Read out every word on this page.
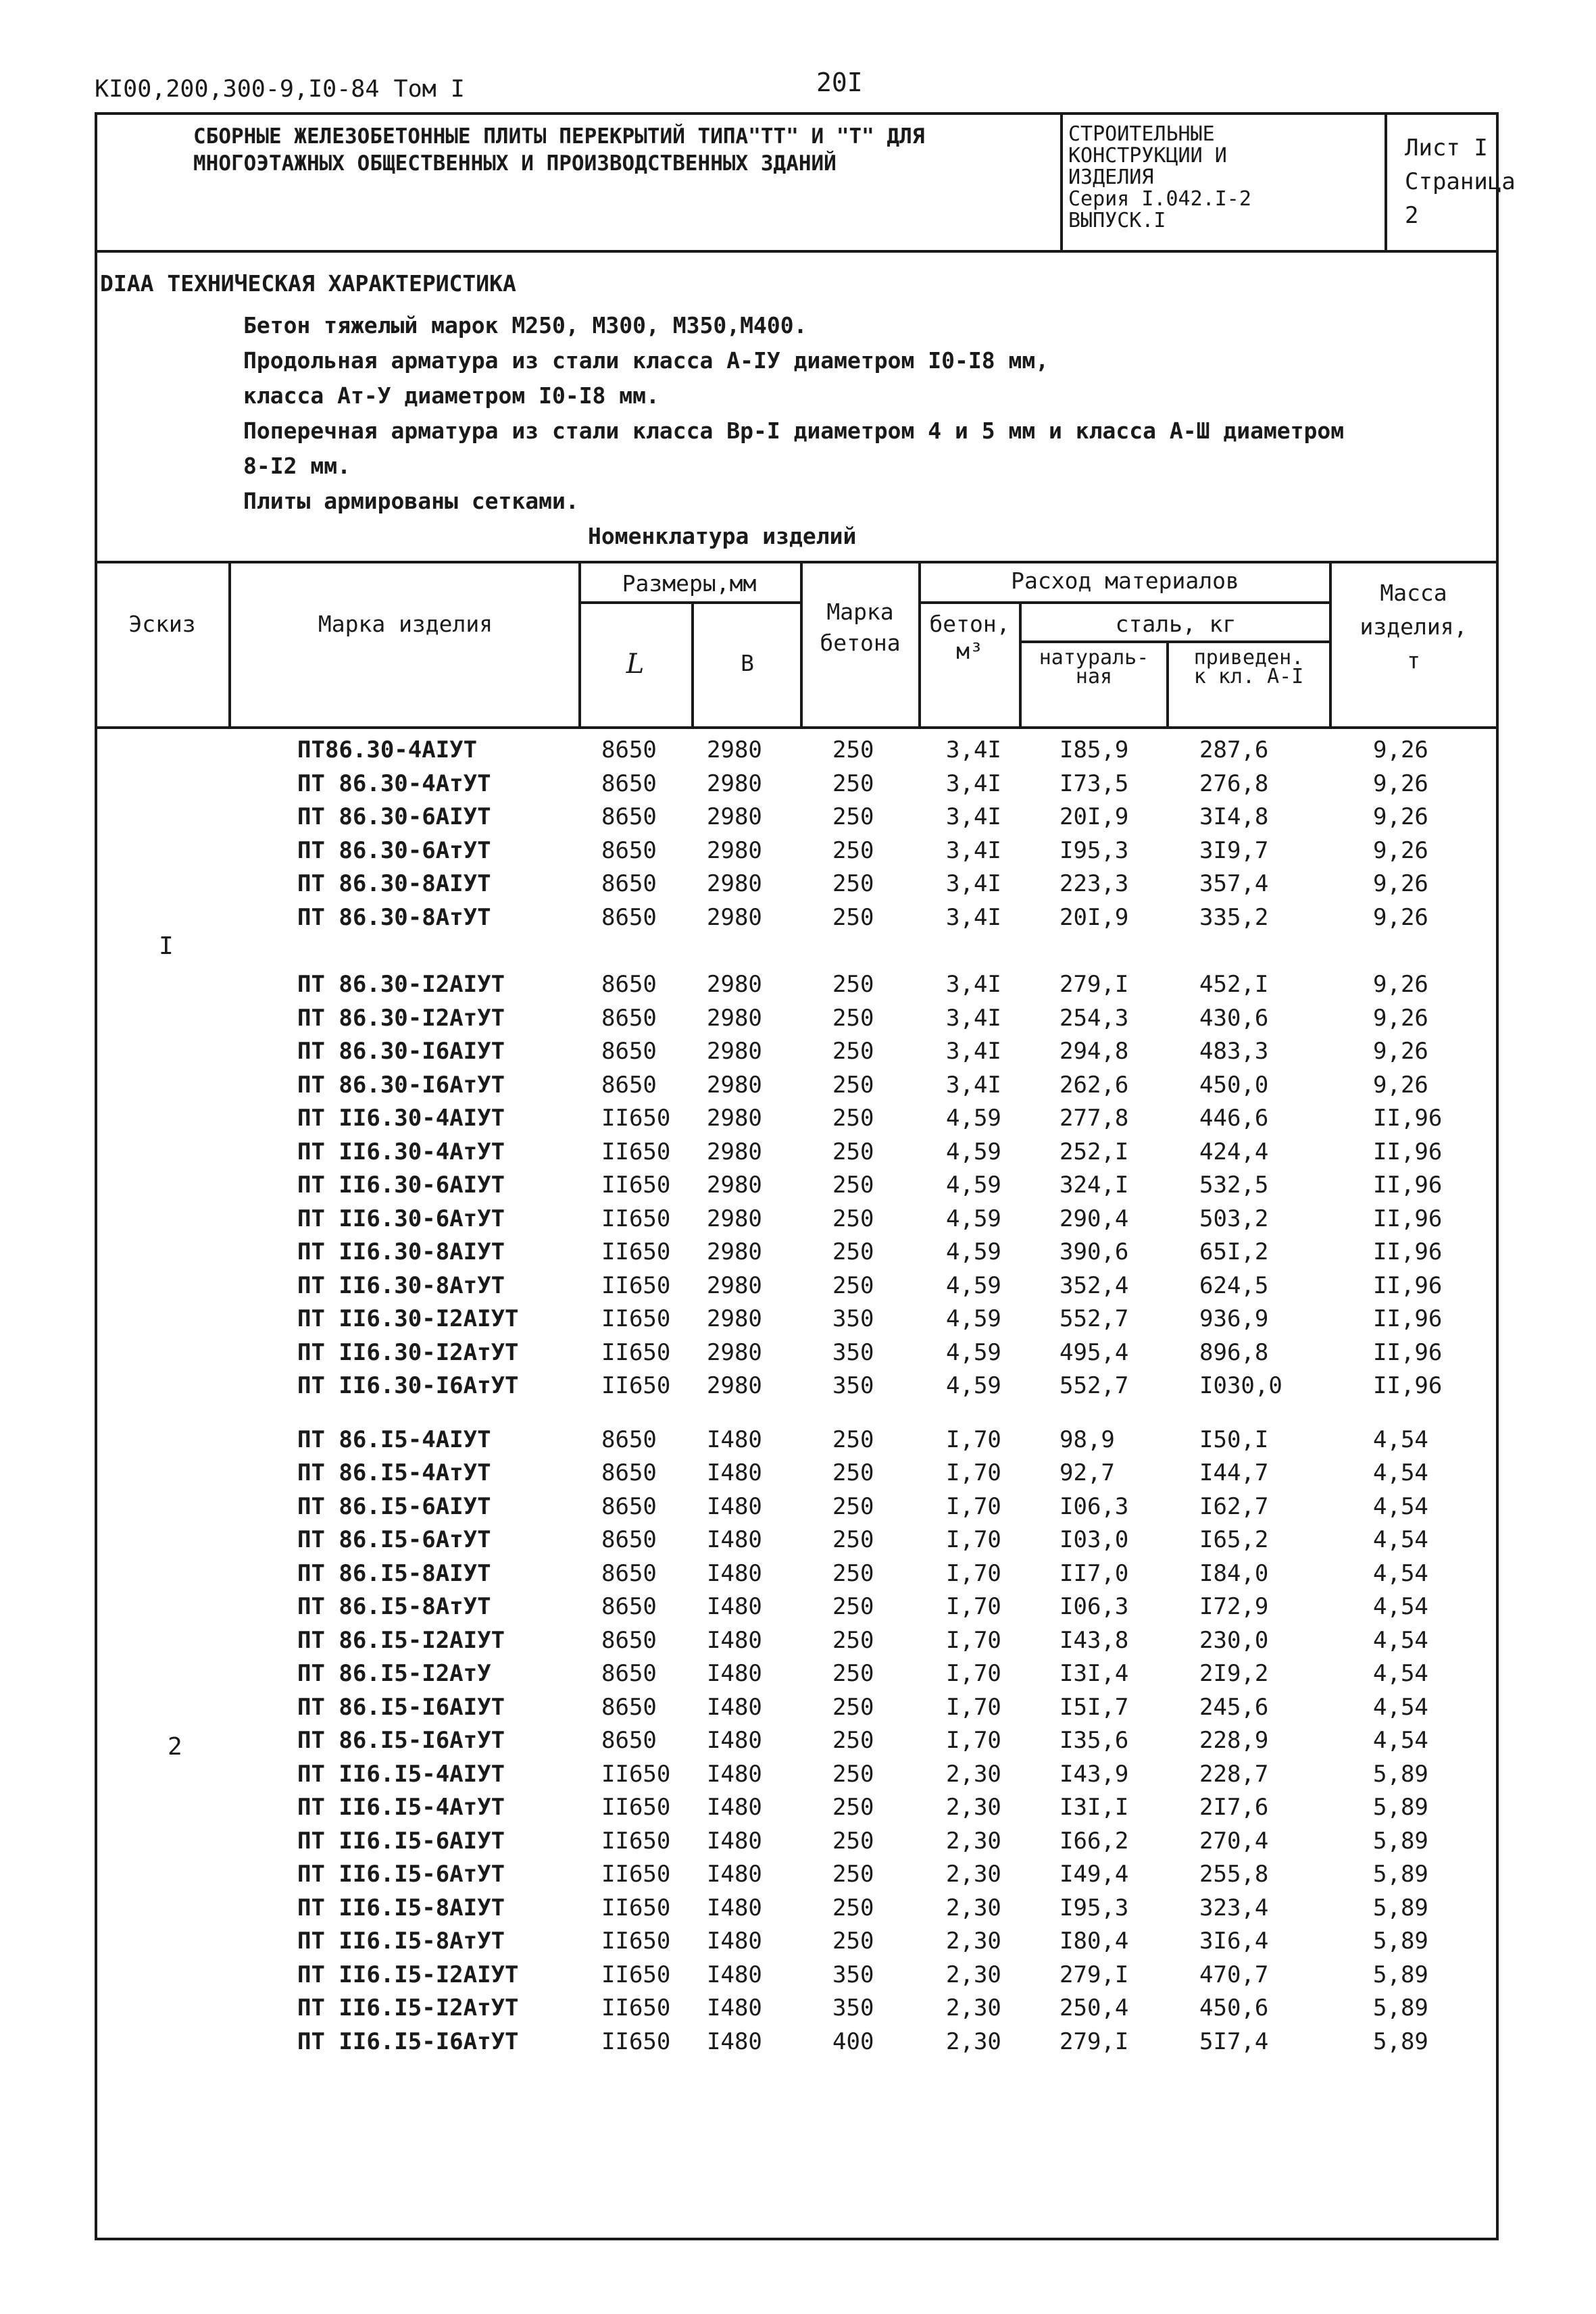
KI00,200,300-9,I0-84 Том I	20I
СБОРНЫЕ ЖЕЛЕЗОБЕТОННЫЕ ПЛИТЫ ПЕРЕКРЫТИЙ ТИПА"ТТ" И "Т" ДЛЯ
МНОГОЭТАЖНЫХ ОБЩЕСТВЕННЫХ И ПРОИЗВОДСТВЕННЫХ ЗДАНИЙ
СТРОИТЕЛЬНЫЕ
КОНСТРУКЦИИ И
ИЗДЕЛИЯ
Серия I.042.I-2
ВЫПУСК.I
Лист I
Страница 2
DIAA ТЕХНИЧЕСКАЯ ХАРАКТЕРИСТИКА
Бетон тяжелый марок М250, М300, М350,М400.
Продольная арматура из стали класса А-IУ диаметром I0-I8 мм,
класса Ат-У диаметром I0-I8 мм.
Поперечная арматура из стали класса Вр-I диаметром 4 и 5 мм и класса А-Ш диаметром
8-I2 мм.
Плиты армированы сетками.
Номенклатура изделий
Эскиз	Марка изделия
Размеры,мм
L	B
Марка
бетона
Расход материалов
бетон,
м³
сталь, кг
натураль-
ная
приведен.
к кл. А-I
Масса
изделия,
т
I
2
ПТ86.30-4АIУТ	8650 2980	250	3,4I	I85,9	287,6	9,26
ПТ 86.30-4АтУТ	8650 2980	250	3,4I	I73,5	276,8	9,26
ПТ 86.30-6АIУТ	8650 2980	250	3,4I	20I,9	3I4,8	9,26
ПТ 86.30-6АтУТ	8650 2980	250	3,4I	I95,3	3I9,7	9,26
ПТ 86.30-8АIУТ	8650 2980	250	3,4I	223,3	357,4	9,26
ПТ 86.30-8АтУТ	8650 2980	250	3,4I	20I,9	335,2	9,26
ПТ 86.30-I2АIУТ	8650 2980	250	3,4I	279,I	452,I	9,26
ПТ 86.30-I2АтУТ	8650 2980	250	3,4I	254,3	430,6	9,26
ПТ 86.30-I6АIУТ	8650 2980	250	3,4I	294,8	483,3	9,26
ПТ 86.30-I6АтУТ	8650 2980	250	3,4I	262,6	450,0	9,26
ПТ II6.30-4АIУТ	II650 2980	250	4,59	277,8	446,6	II,96
ПТ II6.30-4АтУТ	II650 2980	250	4,59	252,I	424,4	II,96
ПТ II6.30-6АIУТ	II650 2980	250	4,59	324,I	532,5	II,96
ПТ II6.30-6АтУТ	II650 2980	250	4,59	290,4	503,2	II,96
ПТ II6.30-8АIУТ	II650 2980	250	4,59	390,6	65I,2	II,96
ПТ II6.30-8АтУТ	II650 2980	250	4,59	352,4	624,5	II,96
ПТ II6.30-I2АIУТ	II650 2980	350	4,59	552,7	936,9	II,96
ПТ II6.30-I2АтУТ	II650 2980	350	4,59	495,4	896,8	II,96
ПТ II6.30-I6АтУТ	II650 2980	350	4,59	552,7	I030,0	II,96
ПТ 86.I5-4АIУТ	8650 I480	250	I,70	98,9	I50,I	4,54
ПТ 86.I5-4АтУТ	8650 I480	250	I,70	92,7	I44,7	4,54
ПТ 86.I5-6АIУТ	8650 I480	250	I,70	I06,3	I62,7	4,54
ПТ 86.I5-6АтУТ	8650 I480	250	I,70	I03,0	I65,2	4,54
ПТ 86.I5-8АIУТ	8650 I480	250	I,70	II7,0	I84,0	4,54
ПТ 86.I5-8АтУТ	8650 I480	250	I,70	I06,3	I72,9	4,54
ПТ 86.I5-I2АIУТ	8650 I480	250	I,70	I43,8	230,0	4,54
ПТ 86.I5-I2АтУ	8650 I480	250	I,70	I3I,4	2I9,2	4,54
ПТ 86.I5-I6АIУТ	8650 I480	250	I,70	I5I,7	245,6	4,54
ПТ 86.I5-I6АтУТ	8650 I480	250	I,70	I35,6	228,9	4,54
ПТ II6.I5-4АIУТ	II650 I480	250	2,30	I43,9	228,7	5,89
ПТ II6.I5-4АтУТ	II650 I480	250	2,30	I3I,I	2I7,6	5,89
ПТ II6.I5-6АIУТ	II650 I480	250	2,30	I66,2	270,4	5,89
ПТ II6.I5-6АтУТ	II650 I480	250	2,30	I49,4	255,8	5,89
ПТ II6.I5-8АIУТ	II650 I480	250	2,30	I95,3	323,4	5,89
ПТ II6.I5-8АтУТ	II650 I480	250	2,30	I80,4	3I6,4	5,89
ПТ II6.I5-I2АIУТ	II650 I480	350	2,30	279,I	470,7	5,89
ПТ II6.I5-I2АтУТ	II650 I480	350	2,30	250,4	450,6	5,89
ПТ II6.I5-I6АтУТ	II650 I480	400	2,30	279,I	5I7,4	5,89
